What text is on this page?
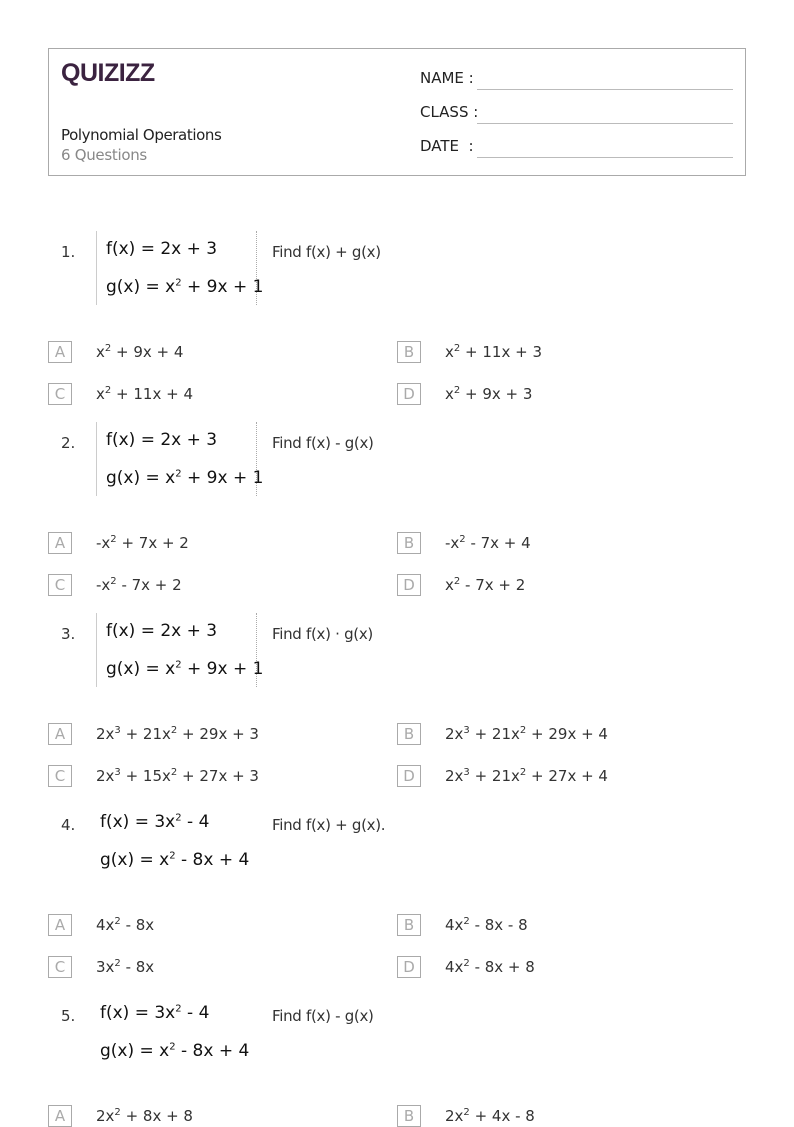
QUIZIZZ
Polynomial Operations
6 Questions
NAME :
CLASS :
DATE  :
1. f(x) = 2x + 3
$g(x) = x^2 + 9x + 1$
Find f(x) + g(x)
A	$x^2 + 9x + 4$	B	$x^2 + 11x + 3$
C	$x^2 + 11x + 4$	D	$x^2 + 9x + 3$
2. f(x) = 2x + 3
$g(x) = x^2 + 9x + 1$
Find f(x) - g(x)
A	$-x^2 + 7x + 2$	B	$-x^2 - 7x + 4$
C	$-x^2 - 7x + 2$	D	$x^2 - 7x + 2$
3. f(x) = 2x + 3
$g(x) = x^2 + 9x + 1$
Find f(x) · g(x)
A	$2x^3 + 21x^2 + 29x + 3$	B	$2x^3 + 21x^2 + 29x + 4$
C	$2x^3 + 15x^2 + 27x + 3$	D	$2x^3 + 21x^2 + 27x + 4$
4. $f(x) = 3x^2 - 4$
$g(x) = x^2 - 8x + 4$
Find f(x) + g(x).
A	$4x^2 - 8x$	B	$4x^2 - 8x - 8$
C	$3x^2 - 8x$	D	$4x^2 - 8x + 8$
5. $f(x) = 3x^2 - 4$
$g(x) = x^2 - 8x + 4$
Find f(x) - g(x)
A	$2x^2 + 8x + 8$	B	$2x^2 + 4x - 8$
